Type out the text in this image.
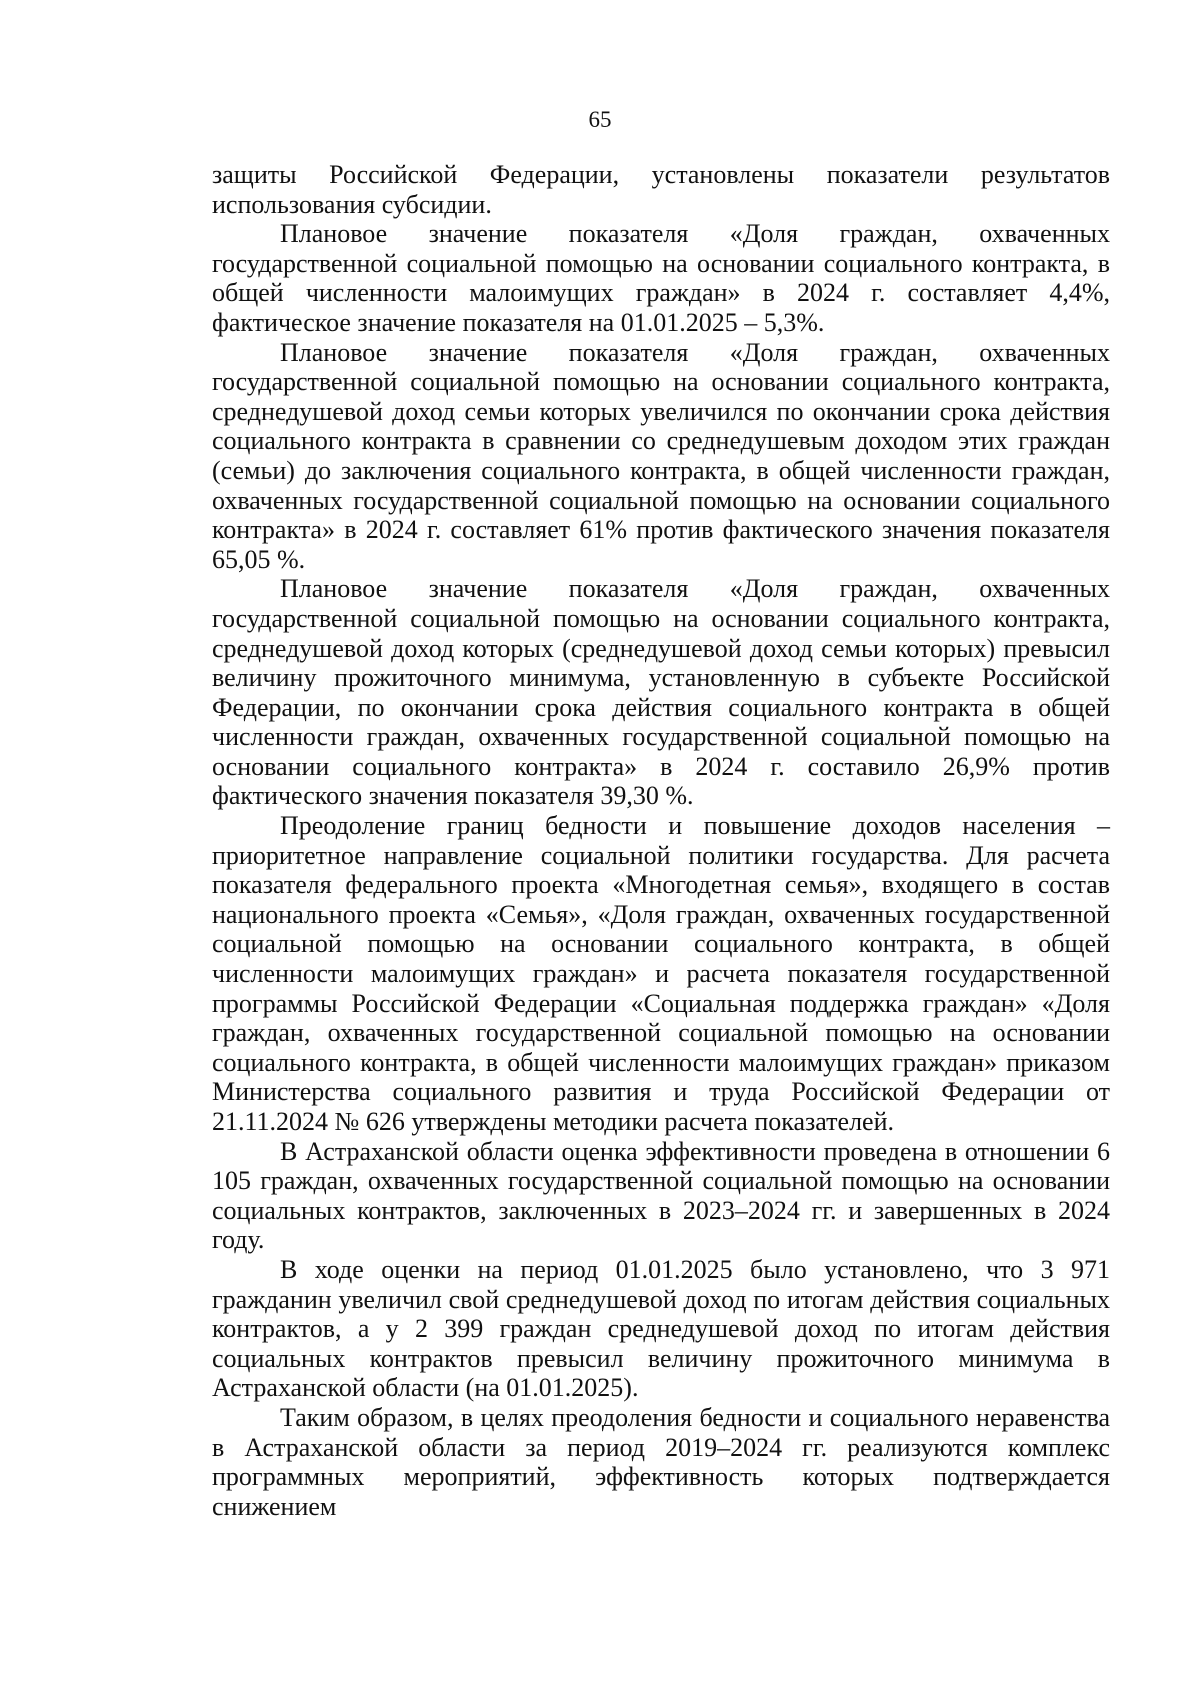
65

защиты Российской Федерации, установлены показатели результатов использования субсидии.

Плановое значение показателя «Доля граждан, охваченных государственной социальной помощью на основании социального контракта, в общей численности малоимущих граждан» в 2024 г. составляет 4,4%, фактическое значение показателя на 01.01.2025 – 5,3%.

Плановое значение показателя «Доля граждан, охваченных государственной социальной помощью на основании социального контракта, среднедушевой доход семьи которых увеличился по окончании срока действия социального контракта в сравнении со среднедушевым доходом этих граждан (семьи) до заключения социального контракта, в общей численности граждан, охваченных государственной социальной помощью на основании социального контракта» в 2024 г. составляет 61% против фактического значения показателя 65,05 %.

Плановое значение показателя «Доля граждан, охваченных государственной социальной помощью на основании социального контракта, среднедушевой доход которых (среднедушевой доход семьи которых) превысил величину прожиточного минимума, установленную в субъекте Российской Федерации, по окончании срока действия социального контракта в общей численности граждан, охваченных государственной социальной помощью на основании социального контракта» в 2024 г. составило 26,9% против фактического значения показателя 39,30 %.

Преодоление границ бедности и повышение доходов населения – приоритетное направление социальной политики государства. Для расчета показателя федерального проекта «Многодетная семья», входящего в состав национального проекта «Семья», «Доля граждан, охваченных государственной социальной помощью на основании социального контракта, в общей численности малоимущих граждан» и расчета показателя государственной программы Российской Федерации «Социальная поддержка граждан» «Доля граждан, охваченных государственной социальной помощью на основании социального контракта, в общей численности малоимущих граждан» приказом Министерства социального развития и труда Российской Федерации от 21.11.2024 № 626 утверждены методики расчета показателей.

В Астраханской области оценка эффективности проведена в отношении 6 105 граждан, охваченных государственной социальной помощью на основании социальных контрактов, заключенных в 2023–2024 гг. и завершенных в 2024 году.

В ходе оценки на период 01.01.2025 было установлено, что 3 971 гражданин увеличил свой среднедушевой доход по итогам действия социальных контрактов, а у 2 399 граждан среднедушевой доход по итогам действия социальных контрактов превысил величину прожиточного минимума в Астраханской области (на 01.01.2025).

Таким образом, в целях преодоления бедности и социального неравенства в Астраханской области за период 2019–2024 гг. реализуются комплекс программных мероприятий, эффективность которых подтверждается снижением
